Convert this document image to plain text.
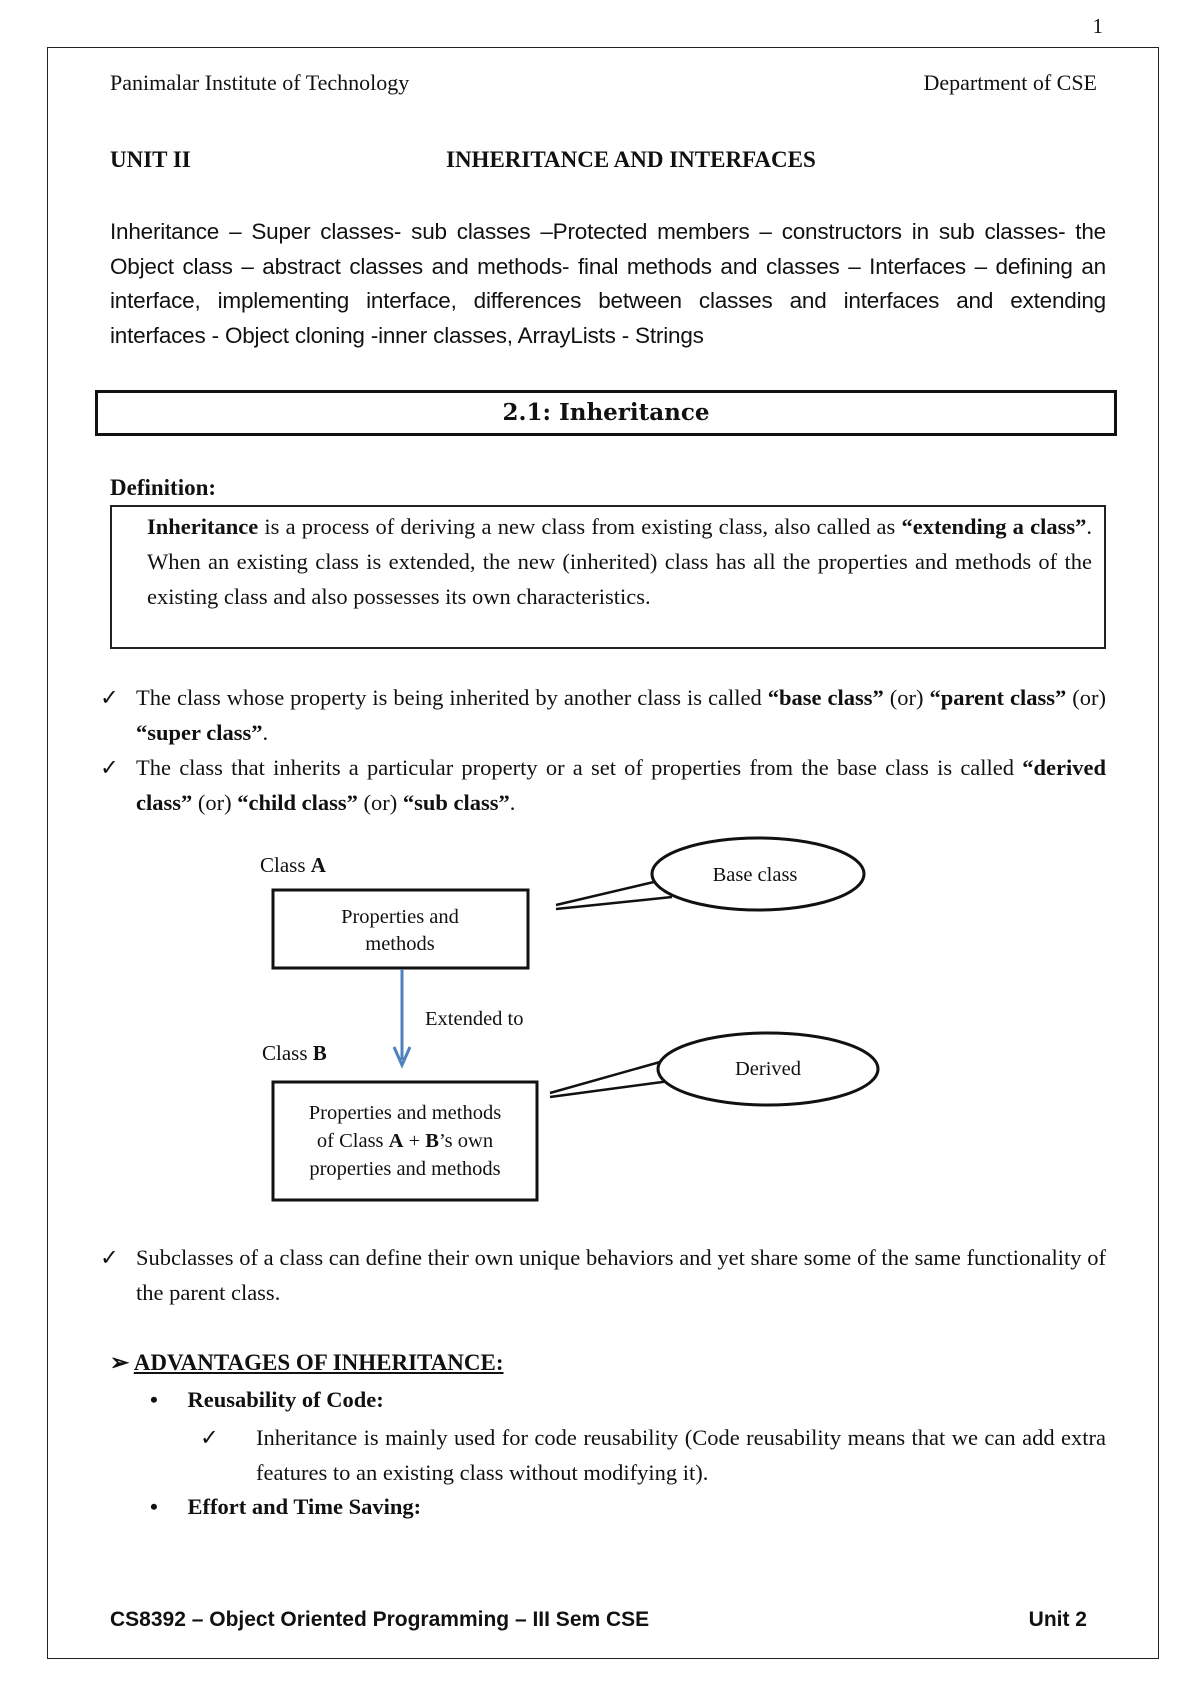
1
Panimalar Institute of Technology	Department of CSE
UNIT II	INHERITANCE AND INTERFACES
Inheritance – Super classes- sub classes –Protected members – constructors in sub classes- the Object class – abstract classes and methods- final methods and classes – Interfaces – defining an interface, implementing interface, differences between classes and interfaces and extending interfaces - Object cloning -inner classes, ArrayLists - Strings
2.1: Inheritance
Definition:
Inheritance is a process of deriving a new class from existing class, also called as “extending a class”. When an existing class is extended, the new (inherited) class has all the properties and methods of the existing class and also possesses its own characteristics.
✓ The class whose property is being inherited by another class is called “base class” (or) “parent class” (or) “super class”.
✓ The class that inherits a particular property or a set of properties from the base class is called “derived class” (or) “child class” (or) “sub class”.
Class A
Properties and
methods
Base class
Extended to
Class B
Derived
Properties and methods
of Class A + B’s own
properties and methods
✓ Subclasses of a class can define their own unique behaviors and yet share some of the same functionality of the parent class.
➢ ADVANTAGES OF INHERITANCE:
• Reusability of Code:
✓ Inheritance is mainly used for code reusability (Code reusability means that we can add extra features to an existing class without modifying it).
• Effort and Time Saving:
CS8392 – Object Oriented Programming – III Sem CSE	Unit 2
